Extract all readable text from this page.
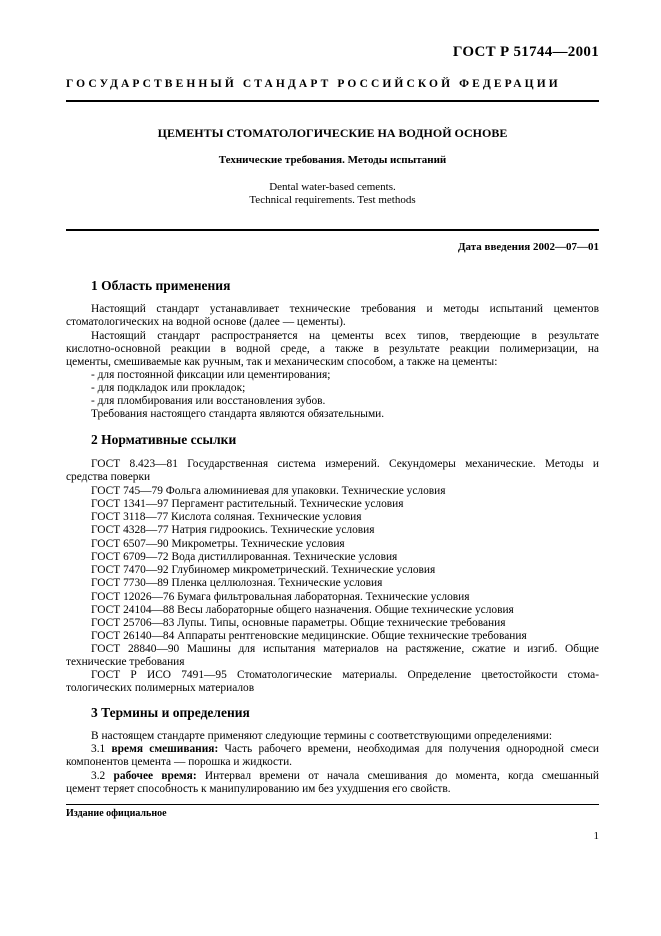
ГОСТ Р 51744—2001
ГОСУДАРСТВЕННЫЙ СТАНДАРТ РОССИЙСКОЙ ФЕДЕРАЦИИ
ЦЕМЕНТЫ СТОМАТОЛОГИЧЕСКИЕ НА ВОДНОЙ ОСНОВЕ
Технические требования. Методы испытаний
Dental water-based cements.
Technical requirements. Test methods
Дата введения 2002—07—01
1 Область применения
Настоящий стандарт устанавливает технические требования и методы испытаний цементов
стоматологических на водной основе (далее — цементы).
Настоящий стандарт распространяется на цементы всех типов, твердеющие в результате
кислотно-основной реакции в водной среде, а также в результате реакции полимеризации, на
цементы, смешиваемые как ручным, так и механическим способом, а также на цементы:
- для постоянной фиксации или цементирования;
- для подкладок или прокладок;
- для пломбирования или восстановления зубов.
Требования настоящего стандарта являются обязательными.
2 Нормативные ссылки
ГОСТ 8.423—81 Государственная система измерений. Секундомеры механические. Методы и
средства поверки
ГОСТ 745—79 Фольга алюминиевая для упаковки. Технические условия
ГОСТ 1341—97 Пергамент растительный. Технические условия
ГОСТ 3118—77 Кислота соляная. Технические условия
ГОСТ 4328—77 Натрия гидроокись. Технические условия
ГОСТ 6507—90 Микрометры. Технические условия
ГОСТ 6709—72 Вода дистиллированная. Технические условия
ГОСТ 7470—92 Глубиномер микрометрический. Технические условия
ГОСТ 7730—89 Пленка целлюлозная. Технические условия
ГОСТ 12026—76 Бумага фильтровальная лабораторная. Технические условия
ГОСТ 24104—88 Весы лабораторные общего назначения. Общие технические условия
ГОСТ 25706—83 Лупы. Типы, основные параметры. Общие технические требования
ГОСТ 26140—84 Аппараты рентгеновские медицинские. Общие технические требования
ГОСТ 28840—90 Машины для испытания материалов на растяжение, сжатие и изгиб. Общие
технические требования
ГОСТ Р ИСО 7491—95 Стоматологические материалы. Определение цветостойкости стома-
тологических полимерных материалов
3 Термины и определения
В настоящем стандарте применяют следующие термины с соответствующими определениями:
3.1 время смешивания: Часть рабочего времени, необходимая для получения однородной смеси
компонентов цемента — порошка и жидкости.
3.2 рабочее время: Интервал времени от начала смешивания до момента, когда смешанный
цемент теряет способность к манипулированию им без ухудшения его свойств.
Издание официальное
1
